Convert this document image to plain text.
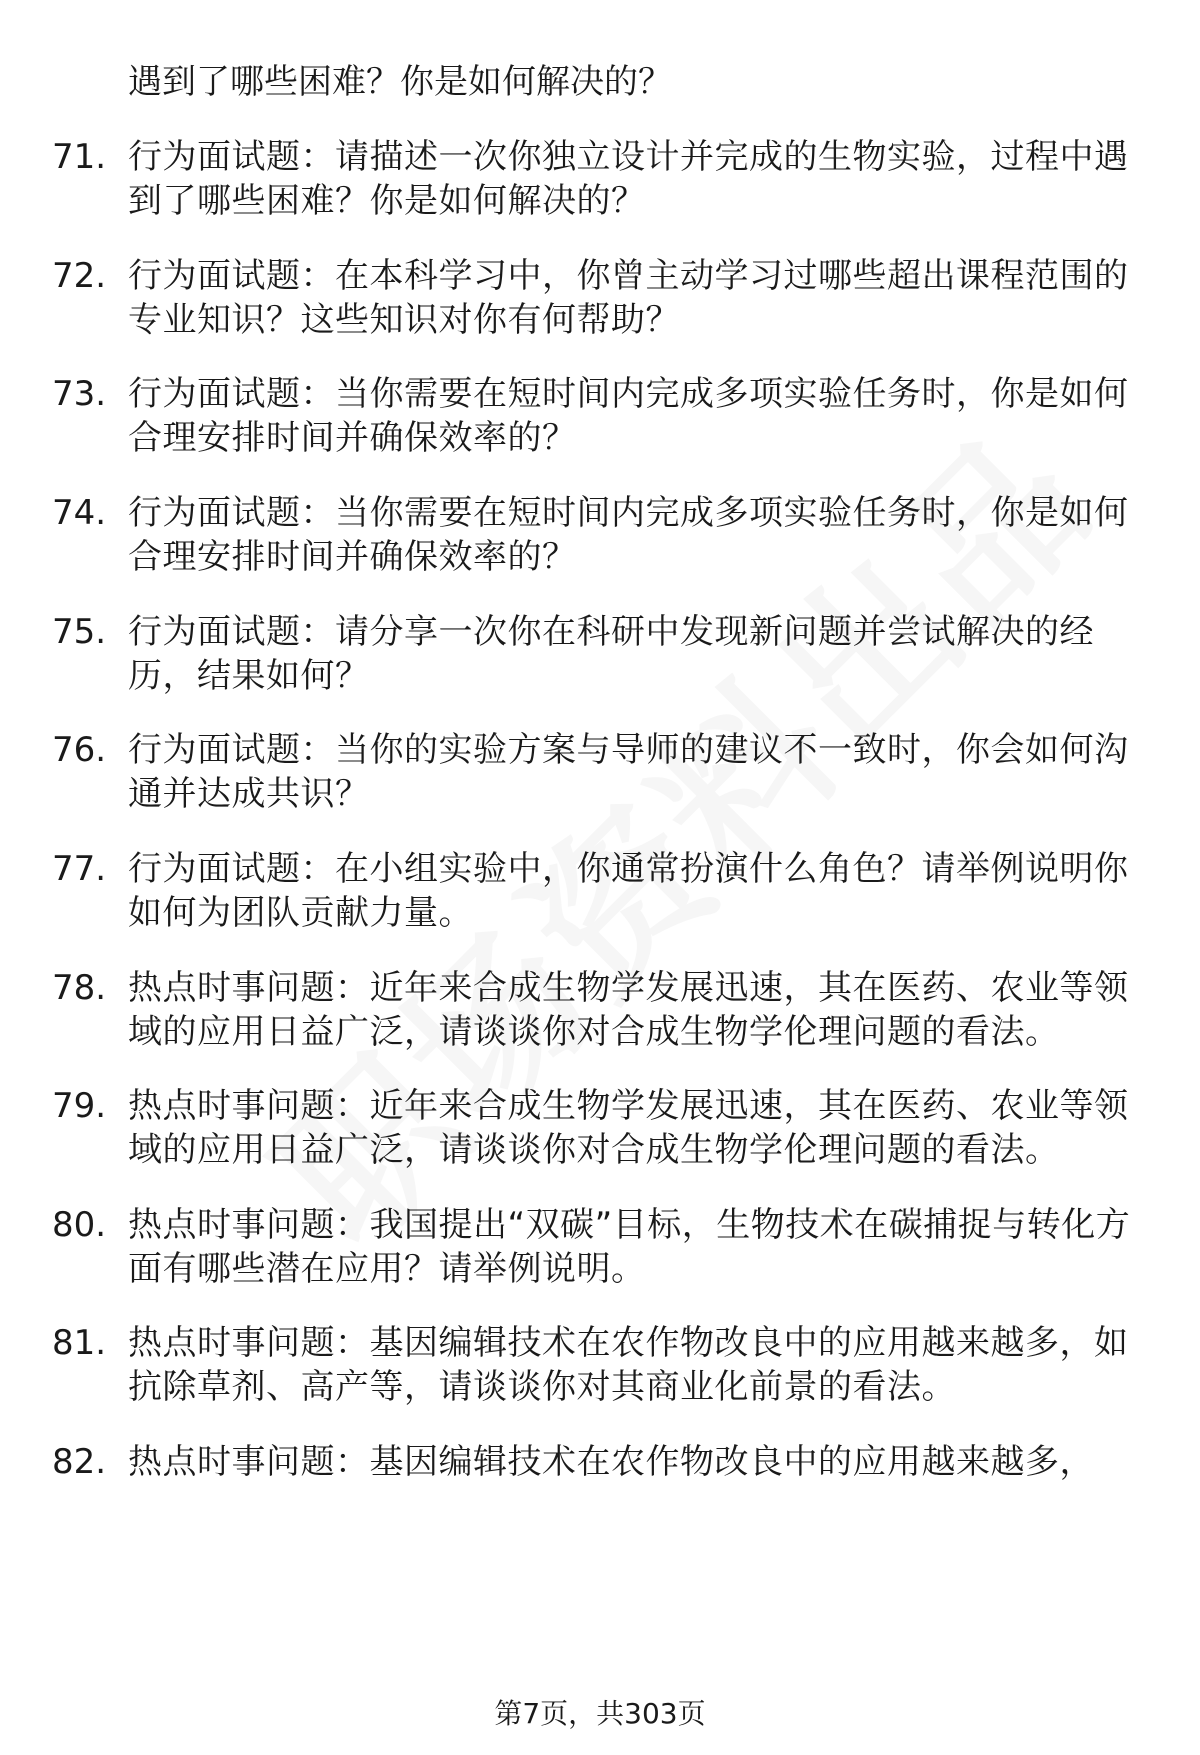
遇到了哪些困难？你是如何解决的？
71. 行为面试题：请描述一次你独立设计并完成的生物实验，过程中遇到了哪些困难？你是如何解决的？
72. 行为面试题：在本科学习中，你曾主动学习过哪些超出课程范围的专业知识？这些知识对你有何帮助？
73. 行为面试题：当你需要在短时间内完成多项实验任务时，你是如何合理安排时间并确保效率的？
74. 行为面试题：当你需要在短时间内完成多项实验任务时，你是如何合理安排时间并确保效率的？
75. 行为面试题：请分享一次你在科研中发现新问题并尝试解决的经历，结果如何？
76. 行为面试题：当你的实验方案与导师的建议不一致时，你会如何沟通并达成共识？
77. 行为面试题：在小组实验中，你通常扮演什么角色？请举例说明你如何为团队贡献力量。
78. 热点时事问题：近年来合成生物学发展迅速，其在医药、农业等领域的应用日益广泛，请谈谈你对合成生物学伦理问题的看法。
79. 热点时事问题：近年来合成生物学发展迅速，其在医药、农业等领域的应用日益广泛，请谈谈你对合成生物学伦理问题的看法。
80. 热点时事问题：我国提出“双碳”目标，生物技术在碳捕捉与转化方面有哪些潜在应用？请举例说明。
81. 热点时事问题：基因编辑技术在农作物改良中的应用越来越多，如抗除草剂、高产等，请谈谈你对其商业化前景的看法。
82. 热点时事问题：基因编辑技术在农作物改良中的应用越来越多，
第7页，共303页
